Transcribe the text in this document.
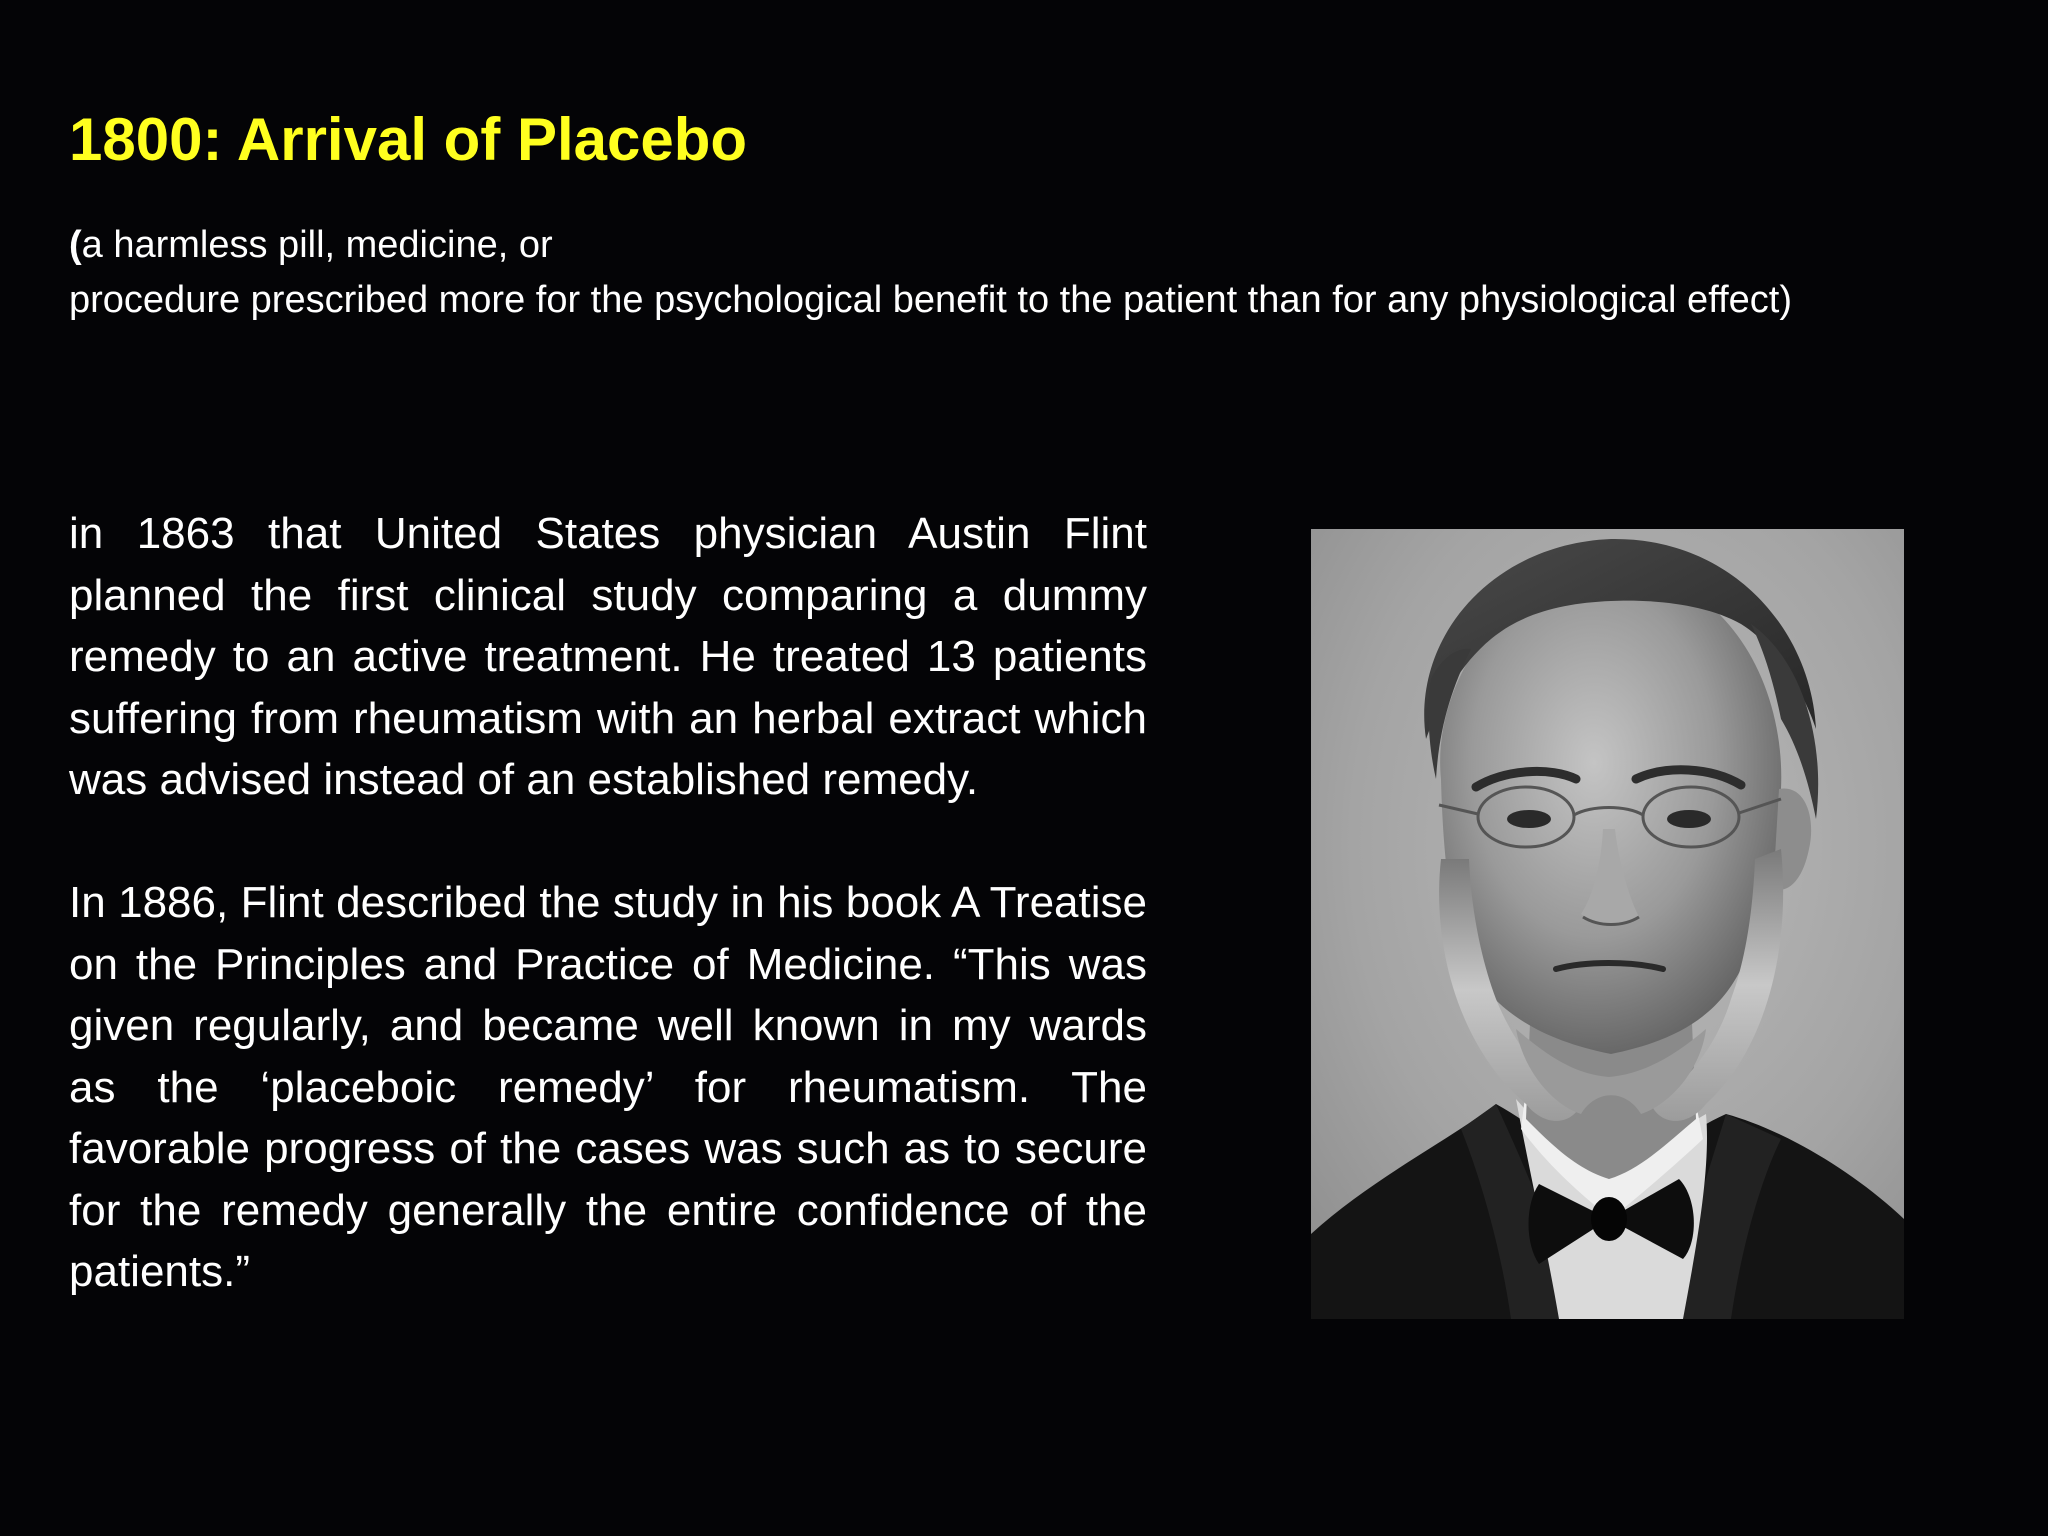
1800: Arrival of Placebo
(a harmless pill, medicine, or
procedure prescribed more for the psychological benefit to the patient than for any physiological effect)

in 1863 that United States physician Austin Flint planned the first clinical study comparing a dummy remedy to an active treatment. He treated 13 patients suffering from rheumatism with an herbal extract which was advised instead of an established remedy.

In 1886, Flint described the study in his book A Treatise on the Principles and Practice of Medicine. “This was given regularly, and became well known in my wards as the ‘placeboic remedy’ for rheumatism. The favorable progress of the cases was such as to secure for the remedy generally the entire confidence of the patients.”
